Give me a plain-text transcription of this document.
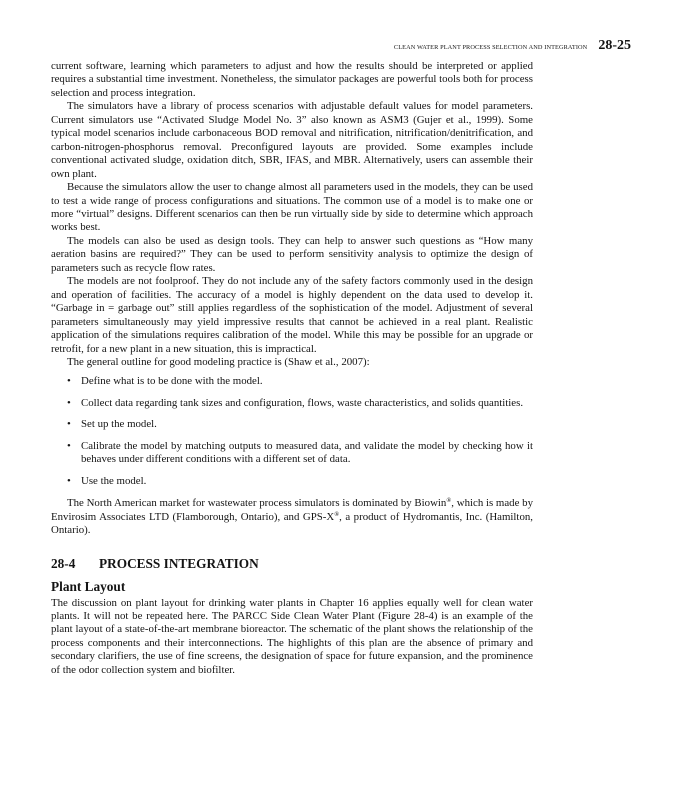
CLEAN WATER PLANT PROCESS SELECTION AND INTEGRATION 28-25

current software, learning which parameters to adjust and how the results should be interpreted or applied requires a substantial time investment. Nonetheless, the simulator packages are powerful tools both for process selection and process integration.

The simulators have a library of process scenarios with adjustable default values for model parameters. Current simulators use “Activated Sludge Model No. 3” also known as ASM3 (Gujer et al., 1999). Some typical model scenarios include carbonaceous BOD removal and nitrification, nitrification/denitrification, and carbon-nitrogen-phosphorus removal. Preconfigured layouts are provided. Some examples include conventional activated sludge, oxidation ditch, SBR, IFAS, and MBR. Alternatively, users can assemble their own plant.

Because the simulators allow the user to change almost all parameters used in the models, they can be used to test a wide range of process configurations and situations. The common use of a model is to make one or more “virtual” designs. Different scenarios can then be run virtually side by side to determine which approach works best.

The models can also be used as design tools. They can help to answer such questions as “How many aeration basins are required?” They can be used to perform sensitivity analysis to optimize the design of parameters such as recycle flow rates.

The models are not foolproof. They do not include any of the safety factors commonly used in the design and operation of facilities. The accuracy of a model is highly dependent on the data used to develop it. “Garbage in = garbage out” still applies regardless of the sophistication of the model. Adjustment of several parameters simultaneously may yield impressive results that cannot be achieved in a real plant. Realistic application of the simulations requires calibration of the model. While this may be possible for an upgrade or retrofit, for a new plant in a new situation, this is impractical.

The general outline for good modeling practice is (Shaw et al., 2007):

• Define what is to be done with the model.
• Collect data regarding tank sizes and configuration, flows, waste characteristics, and solids quantities.
• Set up the model.
• Calibrate the model by matching outputs to measured data, and validate the model by checking how it behaves under different conditions with a different set of data.
• Use the model.

The North American market for wastewater process simulators is dominated by Biowin®, which is made by Envirosim Associates LTD (Flamborough, Ontario), and GPS-X®, a product of Hydromantis, Inc. (Hamilton, Ontario).

28-4 PROCESS INTEGRATION
Plant Layout

The discussion on plant layout for drinking water plants in Chapter 16 applies equally well for clean water plants. It will not be repeated here. The PARCC Side Clean Water Plant (Figure 28-4) is an example of the plant layout of a state-of-the-art membrane bioreactor. The schematic of the plant shows the relationship of the process components and their interconnections. The highlights of this plan are the absence of primary and secondary clarifiers, the use of fine screens, the designation of space for future expansion, and the prominence of the odor collection system and biofilter.
